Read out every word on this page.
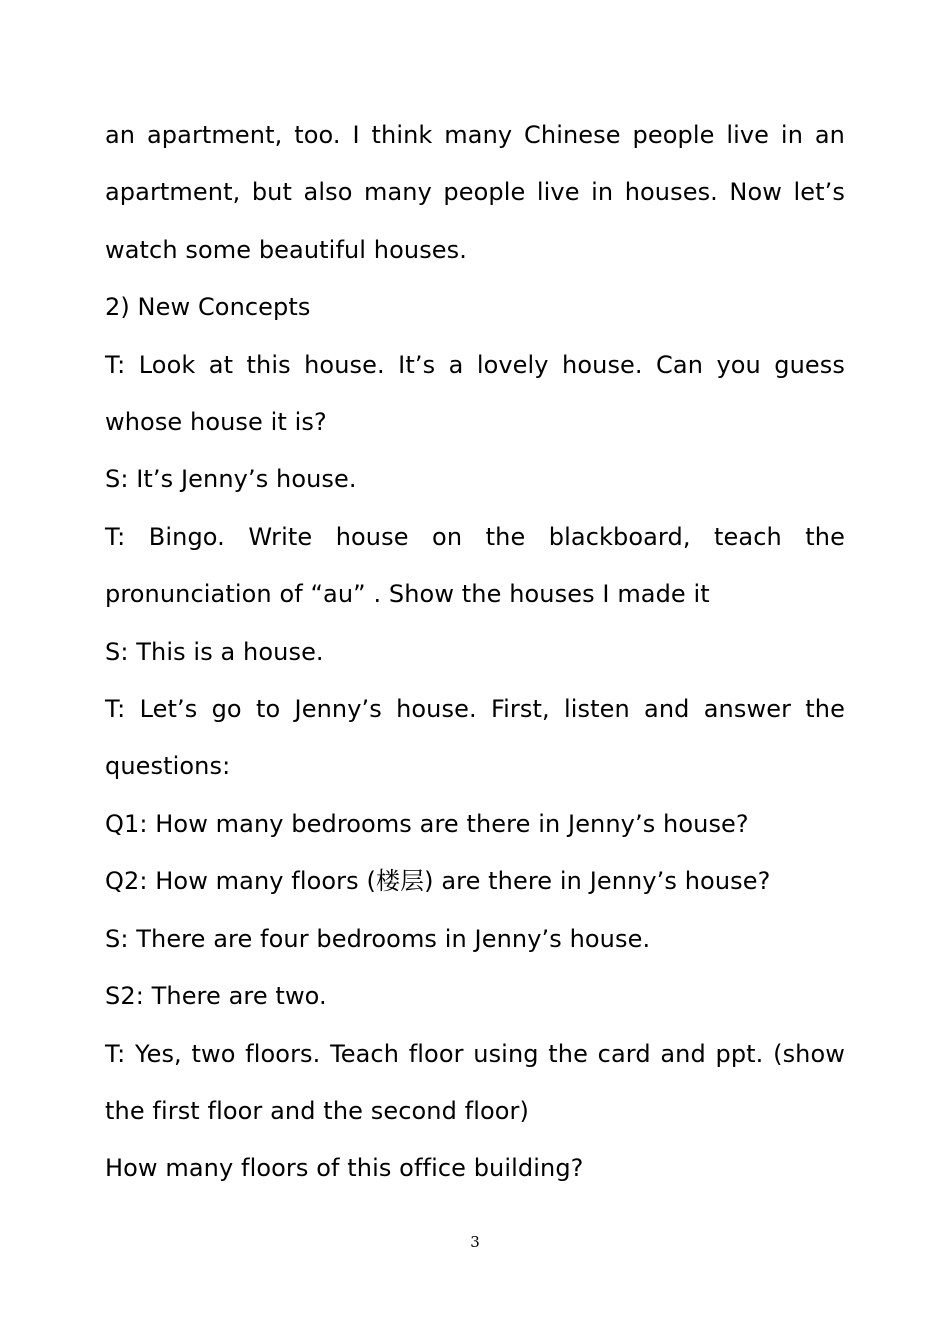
an apartment, too. I think many Chinese people live in an apartment, but also many people live in houses. Now let’s watch some beautiful houses.

2) New Concepts

T: Look at this house. It’s a lovely house. Can you guess whose house it is?

S: It’s Jenny’s house.

T: Bingo. Write house on the blackboard, teach the pronunciation of “au” . Show the houses I made it

S: This is a house.

T: Let’s go to Jenny’s house. First, listen and answer the questions:

Q1: How many bedrooms are there in Jenny’s house?

Q2: How many floors (楼层) are there in Jenny’s house?

S: There are four bedrooms in Jenny’s house.

S2: There are two.

T: Yes, two floors. Teach floor using the card and ppt. (show the first floor and the second floor)

How many floors of this office building?

3
